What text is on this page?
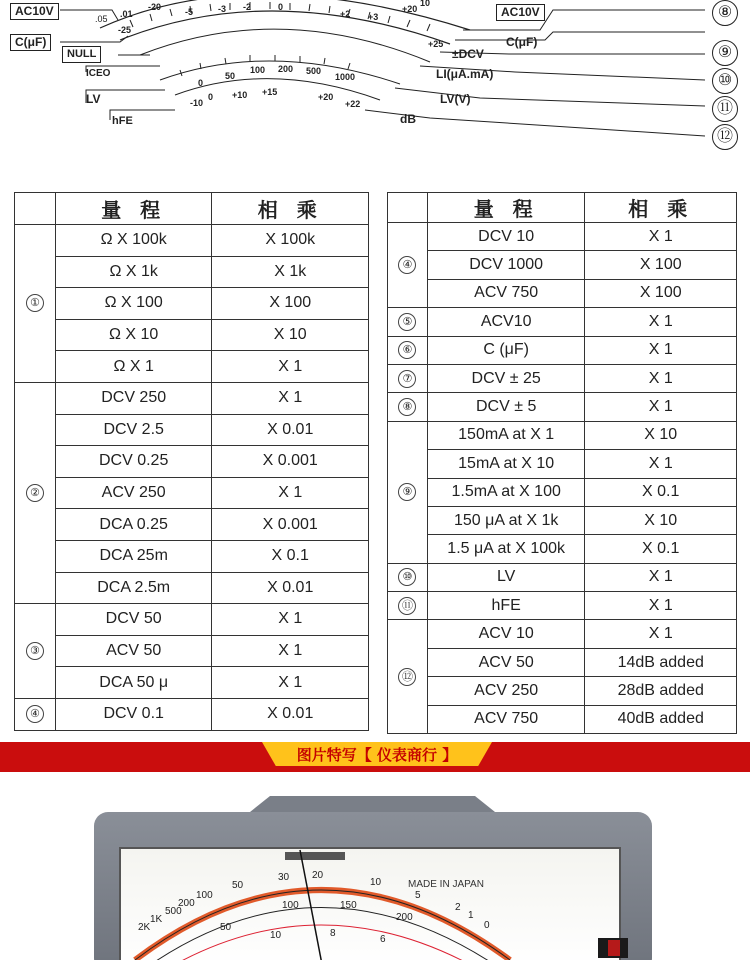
.05
-25
-20
.01	-5	-3 -2	0
+2 +3
+20
+25
10
0
50
100 200 500
1000
-10
0 +10 +15	+20
+22
AC10V
C(μF)
NULL
ICEO
LV
hFE
AC10V
C(μF)
±DCV
LI(μA.mA)
LV(V)
dB
⑧
⑨
⑩
⑪
⑫
	量 程	相 乘
①	Ω X 100k	X 100k
	Ω X 1k	X 1k
	Ω X 100	X 100
	Ω X 10	X 10
	Ω X 1	X 1
②	DCV 250	X 1
	DCV 2.5	X 0.01
	DCV 0.25	X 0.001
	ACV 250	X 1
	DCA 0.25	X 0.001
	DCA 25m	X 0.1
	DCA 2.5m	X 0.01
③	DCV 50	X 1
	ACV 50	X 1
	DCA 50 μ	X 1
④	DCV 0.1	X 0.01
	量 程	相 乘
④	DCV 10	X 1
	DCV 1000	X 100
	ACV 750	X 100
⑤	ACV10	X 1
⑥	C (μF)	X 1
⑦	DCV ± 25	X 1
⑧	DCV ± 5	X 1
⑨	150mA at X 1	X 10
	15mA at X 10	X 1
	1.5mA at X 100	X 0.1
	150 μA at X 1k	X 10
	1.5 μA at X 100k	X 0.1
⑩	LV	X 1
⑪	hFE	X 1
⑫	ACV 10	X 1
	ACV 50	14dB added
	ACV 250	28dB added
	ACV 750	40dB added
图片特写【 仪表商行 】
MADE IN JAPAN
2K
1K
500
200
100
50
30 20
10
5
2
1
0
100	150
200
50
10	8
6
